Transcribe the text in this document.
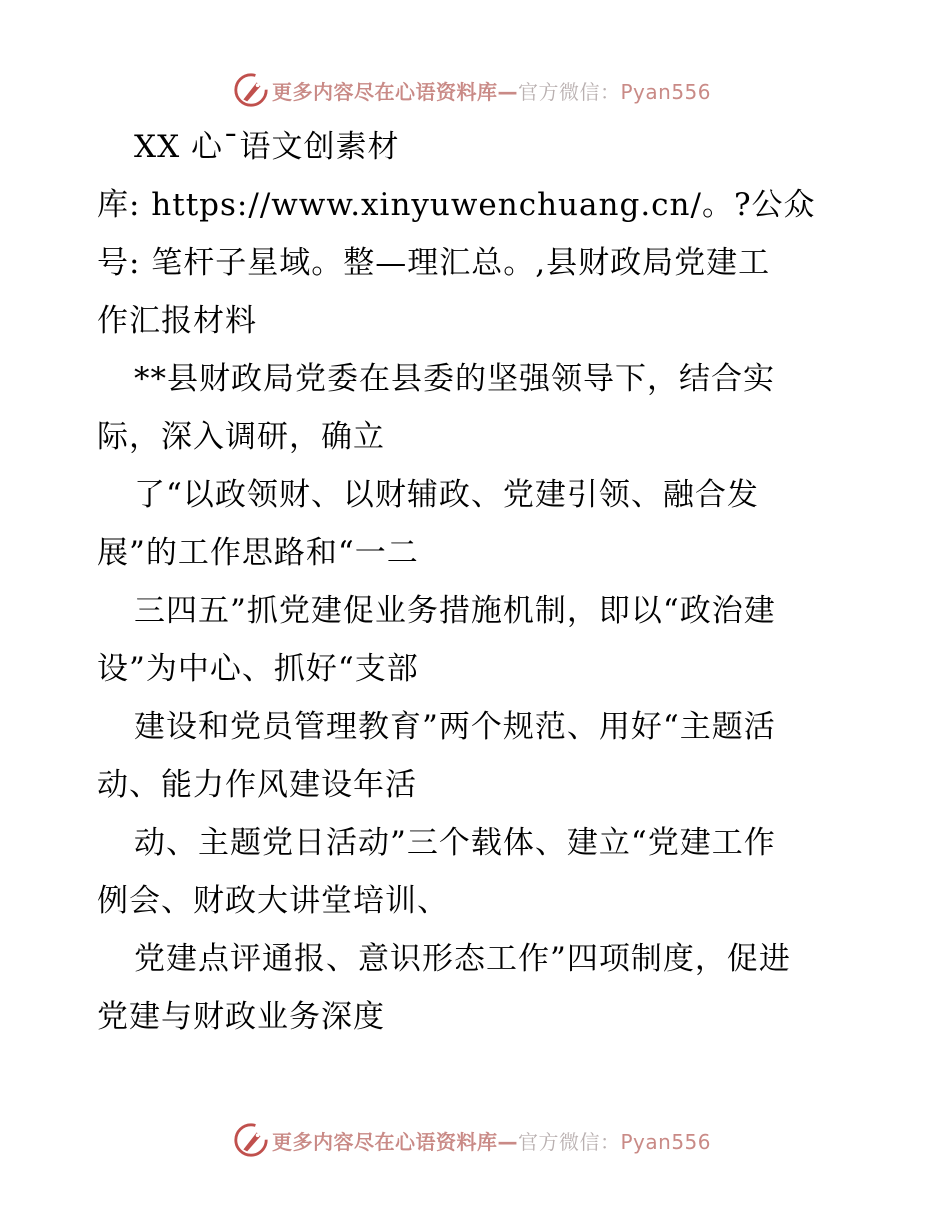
更多内容尽在心语资料库—官方微信：Pyan556
XX 心¯语文创素材
库: https://www.xinyuwenchuang.cn/。?公众
号: 笔杆子星域。整—理汇总。,县财政局党建工
作汇报材料
**县财政局党委在县委的坚强领导下，结合实
际，深入调研，确立
了“以政领财、以财辅政、党建引领、融合发
展”的工作思路和“一二
三四五”抓党建促业务措施机制，即以“政治建
设”为中心、抓好“支部
建设和党员管理教育”两个规范、用好“主题活
动、能力作风建设年活
动、主题党日活动”三个载体、建立“党建工作
例会、财政大讲堂培训、
党建点评通报、意识形态工作”四项制度，促进
党建与财政业务深度
更多内容尽在心语资料库—官方微信：Pyan556
